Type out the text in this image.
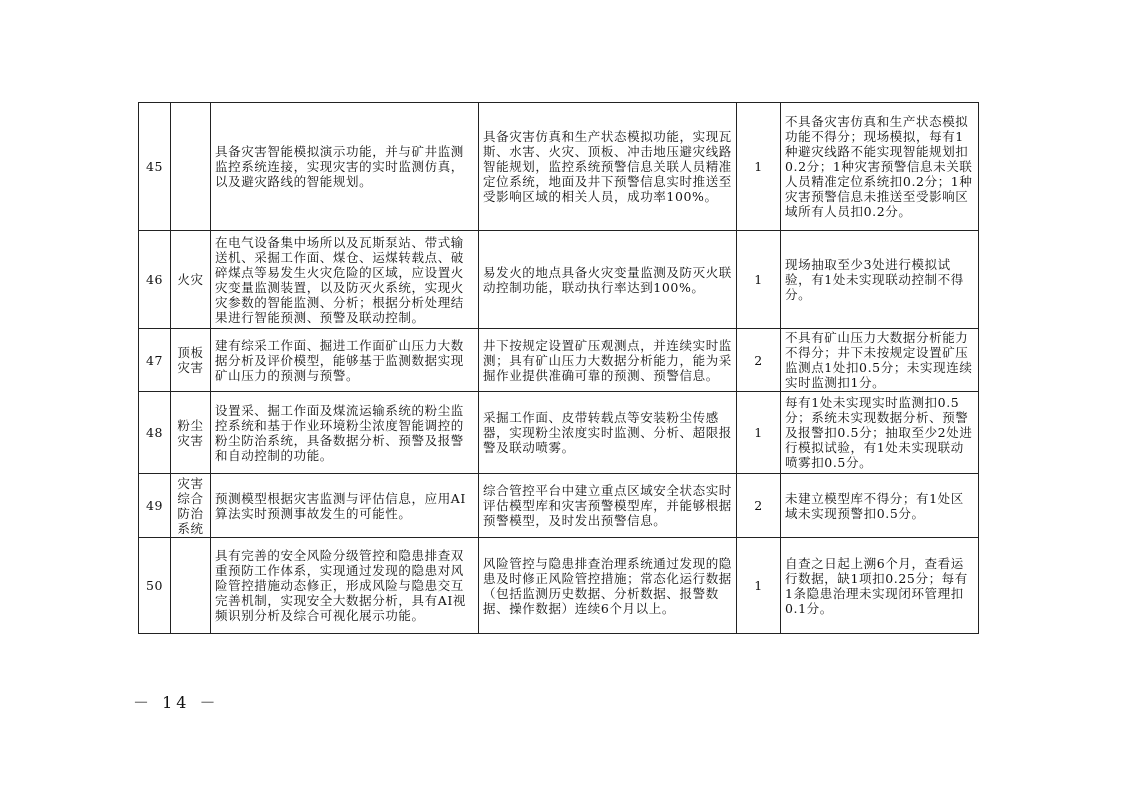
45		具备灾害智能模拟演示功能，并与矿井监测监控系统连接，实现灾害的实时监测仿真，以及避灾路线的智能规划。	具备灾害仿真和生产状态模拟功能，实现瓦斯、水害、火灾、顶板、冲击地压避灾线路智能规划，监控系统预警信息关联人员精准定位系统，地面及井下预警信息实时推送至受影响区域的相关人员，成功率100%。	1	不具备灾害仿真和生产状态模拟功能不得分；现场模拟，每有1种避灾线路不能实现智能规划扣0.2分；1种灾害预警信息未关联人员精准定位系统扣0.2分；1种灾害预警信息未推送至受影响区域所有人员扣0.2分。
46	火灾	在电气设备集中场所以及瓦斯泵站、带式输送机、采掘工作面、煤仓、运煤转载点、破碎煤点等易发生火灾危险的区域，应设置火灾变量监测装置，以及防灭火系统，实现火灾参数的智能监测、分析；根据分析处理结果进行智能预测、预警及联动控制。	易发火的地点具备火灾变量监测及防灭火联动控制功能，联动执行率达到100%。	1	现场抽取至少3处进行模拟试验，有1处未实现联动控制不得分。
47	顶板灾害	建有综采工作面、掘进工作面矿山压力大数据分析及评价模型，能够基于监测数据实现矿山压力的预测与预警。	井下按规定设置矿压观测点，并连续实时监测；具有矿山压力大数据分析能力，能为采掘作业提供准确可靠的预测、预警信息。	2	不具有矿山压力大数据分析能力不得分；井下未按规定设置矿压监测点1处扣0.5分；未实现连续实时监测扣1分。
48	粉尘灾害	设置采、掘工作面及煤流运输系统的粉尘监控系统和基于作业环境粉尘浓度智能调控的粉尘防治系统，具备数据分析、预警及报警和自动控制的功能。	采掘工作面、皮带转载点等安装粉尘传感器，实现粉尘浓度实时监测、分析、超限报警及联动喷雾。	1	每有1处未实现实时监测扣0.5分；系统未实现数据分析、预警及报警扣0.5分；抽取至少2处进行模拟试验，有1处未实现联动喷雾扣0.5分。
49	灾害综合防治系统	预测模型根据灾害监测与评估信息，应用AI算法实时预测事故发生的可能性。	综合管控平台中建立重点区域安全状态实时评估模型库和灾害预警模型库，并能够根据预警模型，及时发出预警信息。	2	未建立模型库不得分；有1处区域未实现预警扣0.5分。
50		具有完善的安全风险分级管控和隐患排查双重预防工作体系，实现通过发现的隐患对风险管控措施动态修正，形成风险与隐患交互完善机制，实现安全大数据分析，具有AI视频识别分析及综合可视化展示功能。	风险管控与隐患排查治理系统通过发现的隐患及时修正风险管控措施；常态化运行数据（包括监测历史数据、分析数据、报警数据、操作数据）连续6个月以上。	1	自查之日起上溯6个月，查看运行数据，缺1项扣0.25分；每有1条隐患治理未实现闭环管理扣0.1分。
－ 14 －
